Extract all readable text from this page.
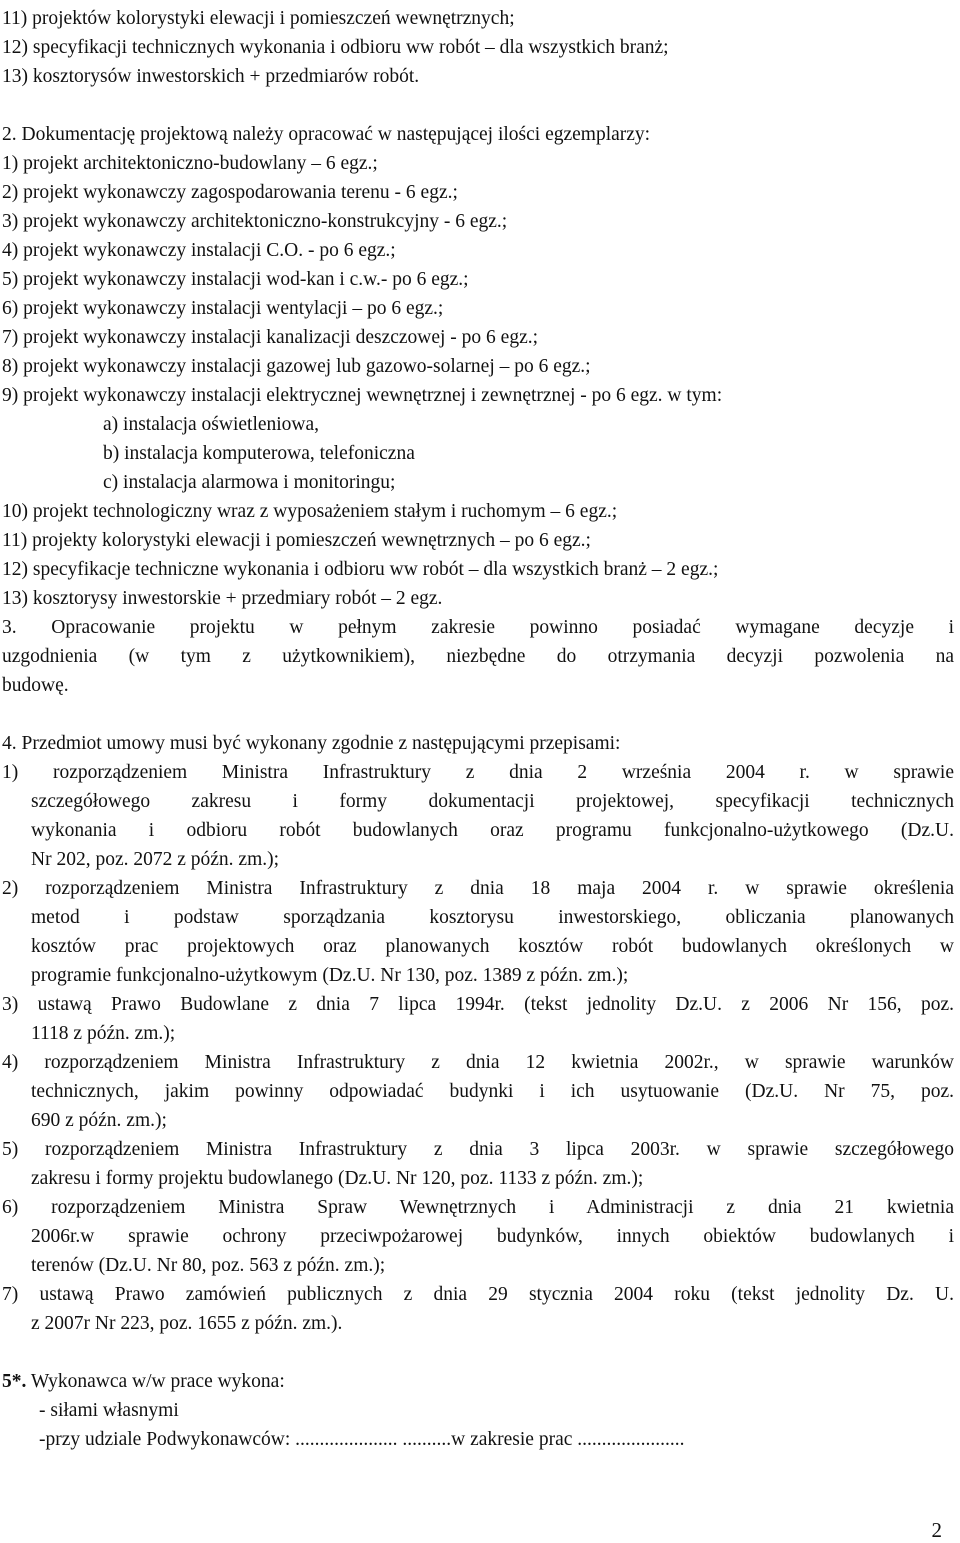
11) projektów kolorystyki elewacji i pomieszczeń wewnętrznych;
12) specyfikacji technicznych wykonania i odbioru ww robót – dla wszystkich branż;
13) kosztorysów inwestorskich + przedmiarów robót.
2. Dokumentację projektową należy opracować w następującej ilości egzemplarzy:
1) projekt architektoniczno-budowlany – 6 egz.;
2) projekt wykonawczy zagospodarowania terenu - 6 egz.;
3) projekt wykonawczy architektoniczno-konstrukcyjny - 6 egz.;
4) projekt wykonawczy instalacji C.O. - po 6 egz.;
5) projekt wykonawczy instalacji wod-kan i c.w.- po 6 egz.;
6) projekt wykonawczy instalacji wentylacji – po 6 egz.;
7) projekt wykonawczy instalacji kanalizacji deszczowej - po 6 egz.;
8) projekt wykonawczy instalacji gazowej lub gazowo-solarnej – po 6 egz.;
9) projekt wykonawczy instalacji elektrycznej wewnętrznej i zewnętrznej - po 6 egz. w tym:
a) instalacja oświetleniowa,
b) instalacja komputerowa, telefoniczna
c) instalacja alarmowa i monitoringu;
10) projekt technologiczny wraz z wyposażeniem stałym i ruchomym – 6 egz.;
11) projekty kolorystyki elewacji i pomieszczeń wewnętrznych – po 6 egz.;
12) specyfikacje techniczne wykonania i odbioru ww robót – dla wszystkich branż – 2 egz.;
13) kosztorysy inwestorskie + przedmiary robót – 2 egz.
3. Opracowanie projektu w pełnym zakresie powinno posiadać wymagane decyzje i
uzgodnienia (w tym z użytkownikiem), niezbędne do otrzymania decyzji pozwolenia na
budowę.
4. Przedmiot umowy musi być wykonany zgodnie z następującymi przepisami:
1) rozporządzeniem Ministra Infrastruktury z dnia 2 września 2004 r. w sprawie
szczegółowego zakresu i formy dokumentacji projektowej, specyfikacji technicznych
wykonania i odbioru robót budowlanych oraz programu funkcjonalno-użytkowego (Dz.U.
Nr 202, poz. 2072 z późn. zm.);
2) rozporządzeniem Ministra Infrastruktury z dnia 18 maja 2004 r. w sprawie określenia
metod i podstaw sporządzania kosztorysu inwestorskiego, obliczania planowanych
kosztów prac projektowych oraz planowanych kosztów robót budowlanych określonych w
programie funkcjonalno-użytkowym (Dz.U. Nr 130, poz. 1389 z późn. zm.);
3) ustawą Prawo Budowlane z dnia 7 lipca 1994r. (tekst jednolity Dz.U. z 2006 Nr 156, poz.
1118 z późn. zm.);
4) rozporządzeniem Ministra Infrastruktury z dnia 12 kwietnia 2002r., w sprawie warunków
technicznych, jakim powinny odpowiadać budynki i ich usytuowanie (Dz.U. Nr 75, poz.
690 z późn. zm.);
5) rozporządzeniem Ministra Infrastruktury z dnia 3 lipca 2003r. w sprawie szczegółowego
zakresu i formy projektu budowlanego (Dz.U. Nr 120, poz. 1133 z późn. zm.);
6) rozporządzeniem Ministra Spraw Wewnętrznych i Administracji z dnia 21 kwietnia
2006r.w sprawie ochrony przeciwpożarowej budynków, innych obiektów budowlanych i
terenów (Dz.U. Nr 80, poz. 563 z późn. zm.);
7) ustawą Prawo zamówień publicznych z dnia 29 stycznia 2004 roku (tekst jednolity Dz. U.
z 2007r Nr 223, poz. 1655 z późn. zm.).
5*. Wykonawca w/w prace wykona:
- siłami własnymi
-przy udziale Podwykonawców: ..................... ..........w zakresie prac ......................
2
